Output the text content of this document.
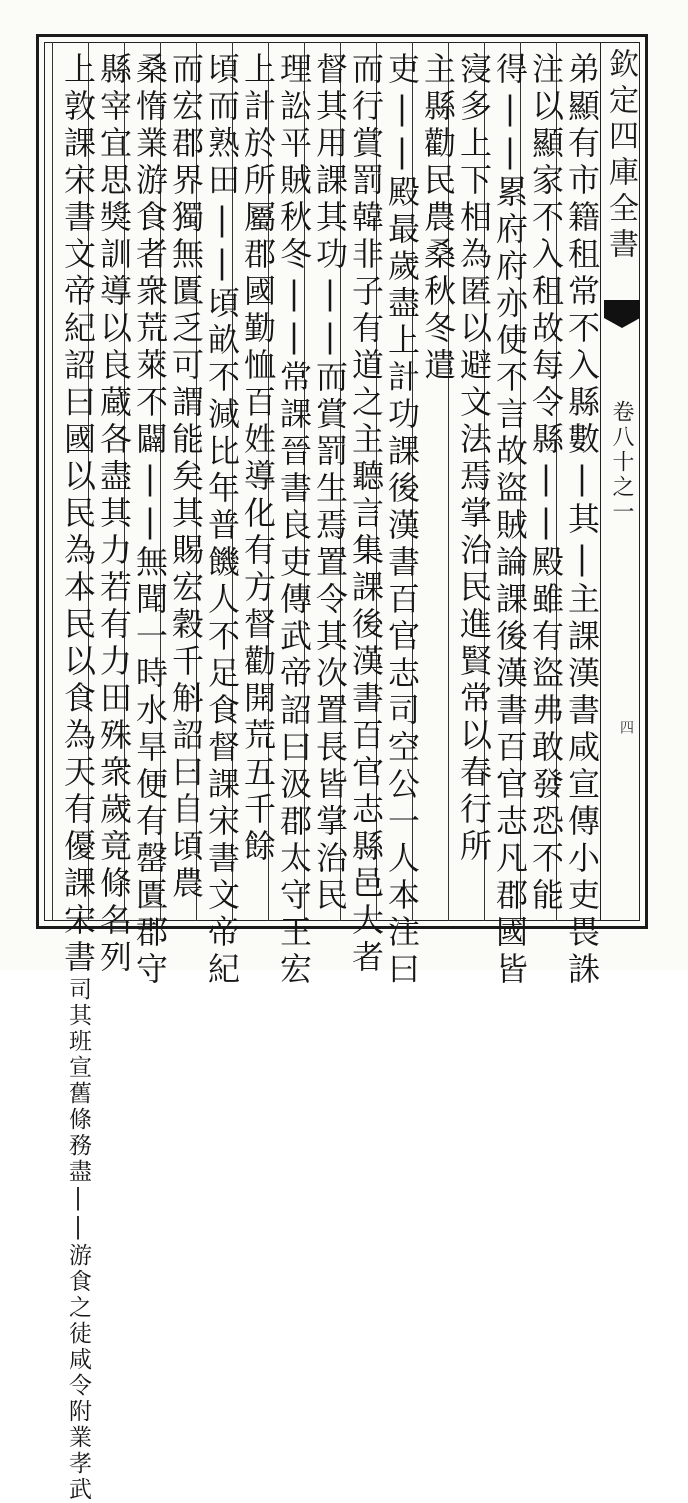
欽定四庫全書
卷八十之一
四
弟顯有市籍租常不入縣數|其|主課漢書咸宣傳小吏畏誅
注以顯家不入租故每令縣||殿雖有盜弗敢發恐不能
得||累府府亦使不言故盜賊論課後漢書百官志凡郡國皆
寖多上下相為匿以避文法焉掌治民進賢常以春行所
主縣勸民農桑秋冬遣
吏||殿最歲盡上計功課後漢書百官志司空公一人本注曰
而行賞罰韓非子有道之主聽言集課後漢書百官志縣邑大者
督其用課其功||而賞罰生焉置令其次置長皆掌治民
理訟平賊秋冬||常課晉書良吏傳武帝詔曰汲郡太守王宏
上計於所屬郡國勤恤百姓導化有方督勸開荒五千餘
頃而熟田||頃畝不減比年普饑人不足食督課宋書文帝紀
而宏郡界獨無匱乏可謂能矣其賜宏穀千斛詔曰自頃農
桑惰業游食者衆荒萊不闢||無聞一時水旱便有罄匱郡守
縣宰宜思獎訓導以良蔵各盡其力若有力田殊衆歲竟條名列
上敦課宋書文帝紀詔曰國以民為本民以食為天有優課宋書司其班宣舊條務盡||游食之徒咸令附業孝武
